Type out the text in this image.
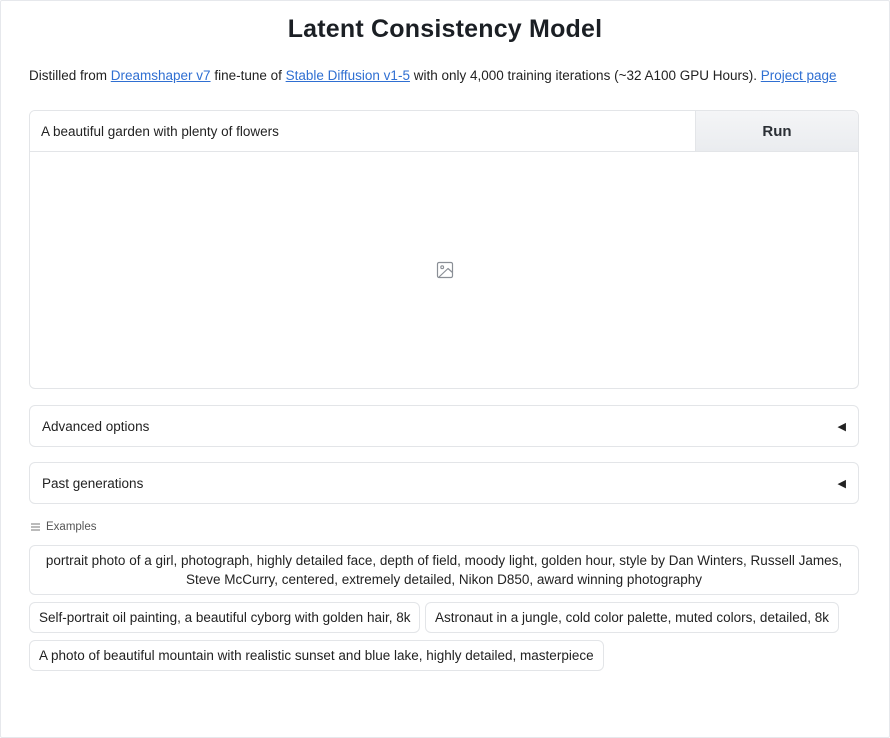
Latent Consistency Model
Distilled from Dreamshaper v7 fine-tune of Stable Diffusion v1-5 with only 4,000 training iterations (~32 A100 GPU Hours). Project page
A beautiful garden with plenty of flowers
Run
Advanced options	◀
Past generations	◀
Examples
portrait photo of a girl, photograph, highly detailed face, depth of field, moody light, golden hour, style by Dan Winters, Russell James, Steve McCurry, centered, extremely detailed, Nikon D850, award winning photography
Self-portrait oil painting, a beautiful cyborg with golden hair, 8k	Astronaut in a jungle, cold color palette, muted colors, detailed, 8k
A photo of beautiful mountain with realistic sunset and blue lake, highly detailed, masterpiece
